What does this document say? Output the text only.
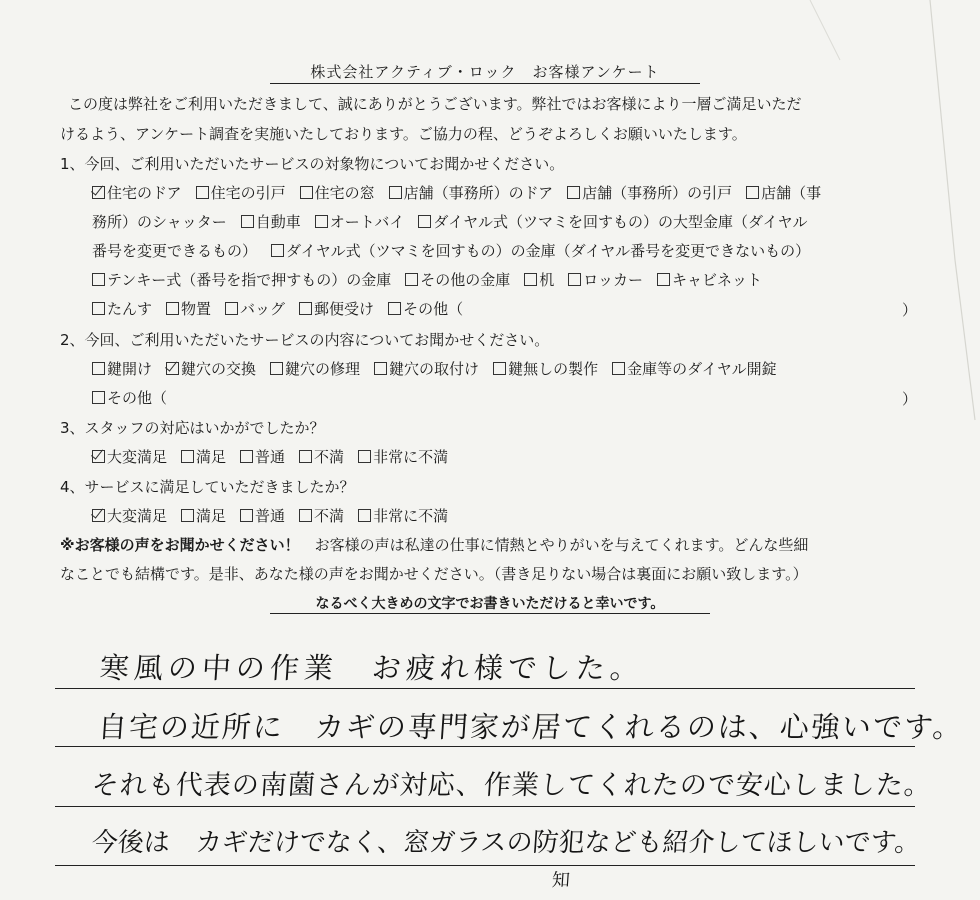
株式会社アクティブ・ロック　お客様アンケート
この度は弊社をご利用いただきまして、誠にありがとうございます。弊社ではお客様により一層ご満足いただ
けるよう、アンケート調査を実施いたしております。ご協力の程、どうぞよろしくお願いいたします。
1、今回、ご利用いただいたサービスの対象物についてお聞かせください。
住宅のドア 住宅の引戸 住宅の窓 店舗（事務所）のドア 店舗（事務所）の引戸 店舗（事
務所）のシャッター 自動車 オートバイ ダイヤル式（ツマミを回すもの）の大型金庫（ダイヤル
番号を変更できるもの） ダイヤル式（ツマミを回すもの）の金庫（ダイヤル番号を変更できないもの）
テンキー式（番号を指で押すもの）の金庫 その他の金庫 机 ロッカー キャビネット
たんす 物置 バッグ 郵便受け その他（	）
2、今回、ご利用いただいたサービスの内容についてお聞かせください。
鍵開け 鍵穴の交換 鍵穴の修理 鍵穴の取付け 鍵無しの製作 金庫等のダイヤル開錠
その他（	）
3、スタッフの対応はいかがでしたか？
大変満足 満足 普通 不満 非常に不満
4、サービスに満足していただきましたか？
大変満足 満足 普通 不満 非常に不満
※お客様の声をお聞かせください！　お客様の声は私達の仕事に情熱とやりがいを与えてくれます。どんな些細
なことでも結構です。是非、あなた様の声をお聞かせください。（書き足りない場合は裏面にお願い致します。）
なるべく大きめの文字でお書きいただけると幸いです。
寒風の中の作業　お疲れ様でした。
自宅の近所に　カギの専門家が居てくれるのは、心強いです。
それも代表の南薗さんが対応、作業してくれたので安心しました。
今後は　カギだけでなく、窓ガラスの防犯なども紹介してほしいです。
知
